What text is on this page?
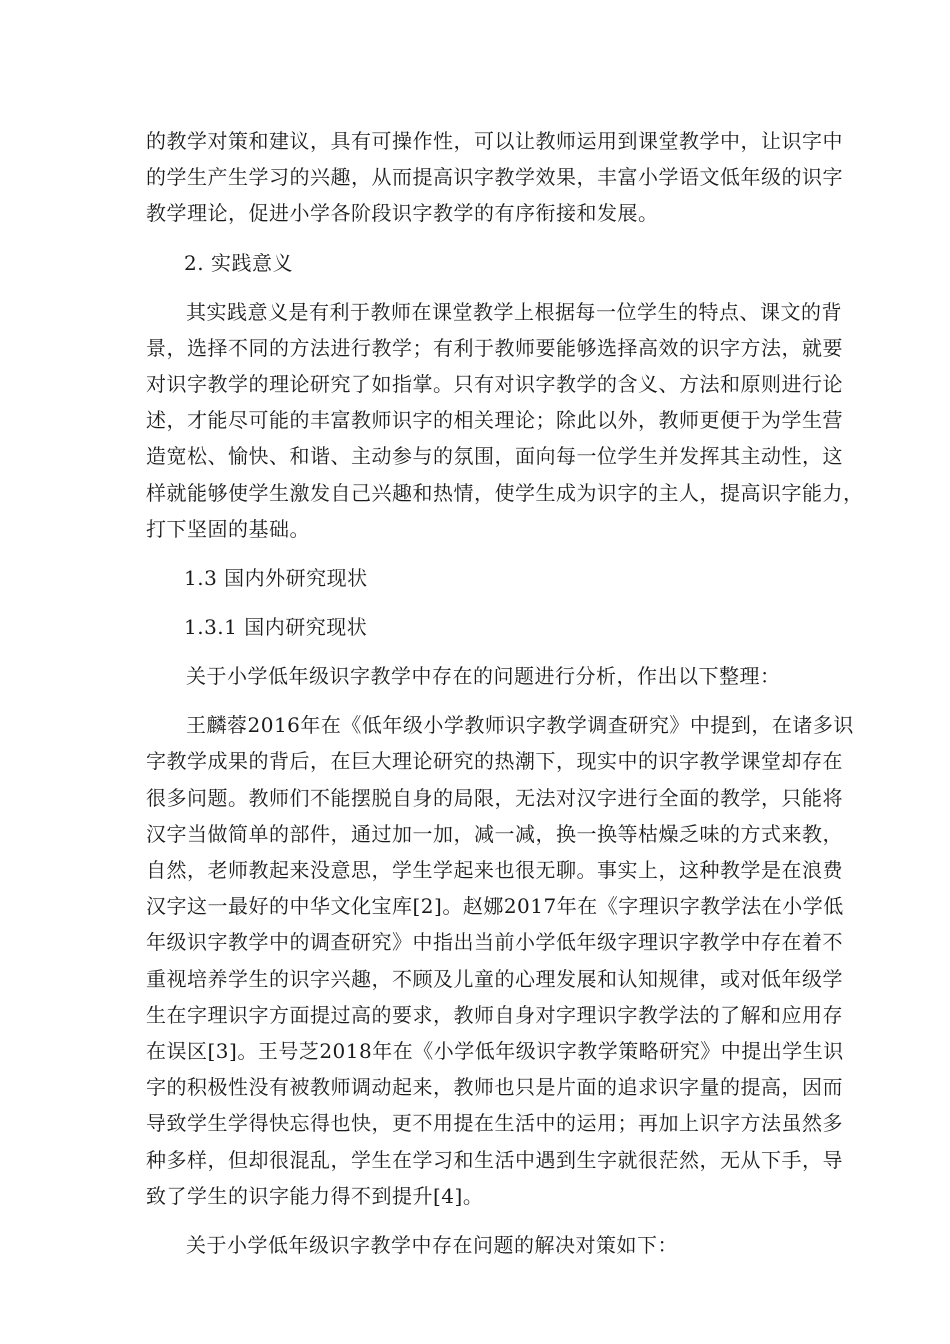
的教学对策和建议，具有可操作性，可以让教师运用到课堂教学中，让识字中
的学生产生学习的兴趣，从而提高识字教学效果，丰富小学语文低年级的识字
教学理论，促进小学各阶段识字教学的有序衔接和发展。
2. 实践意义
其实践意义是有利于教师在课堂教学上根据每一位学生的特点、课文的背
景，选择不同的方法进行教学；有利于教师要能够选择高效的识字方法，就要
对识字教学的理论研究了如指掌。只有对识字教学的含义、方法和原则进行论
述，才能尽可能的丰富教师识字的相关理论；除此以外，教师更便于为学生营
造宽松、愉快、和谐、主动参与的氛围，面向每一位学生并发挥其主动性，这
样就能够使学生激发自己兴趣和热情，使学生成为识字的主人，提高识字能力，
打下坚固的基础。
1.3 国内外研究现状
1.3.1 国内研究现状
关于小学低年级识字教学中存在的问题进行分析，作出以下整理：
王麟蓉2016年在《低年级小学教师识字教学调查研究》中提到，在诸多识
字教学成果的背后，在巨大理论研究的热潮下，现实中的识字教学课堂却存在
很多问题。教师们不能摆脱自身的局限，无法对汉字进行全面的教学，只能将
汉字当做简单的部件，通过加一加，减一减，换一换等枯燥乏味的方式来教，
自然，老师教起来没意思，学生学起来也很无聊。事实上，这种教学是在浪费
汉字这一最好的中华文化宝库[2]。赵娜2017年在《字理识字教学法在小学低
年级识字教学中的调查研究》中指出当前小学低年级字理识字教学中存在着不
重视培养学生的识字兴趣，不顾及儿童的心理发展和认知规律，或对低年级学
生在字理识字方面提过高的要求，教师自身对字理识字教学法的了解和应用存
在误区[3]。王号芝2018年在《小学低年级识字教学策略研究》中提出学生识
字的积极性没有被教师调动起来，教师也只是片面的追求识字量的提高，因而
导致学生学得快忘得也快，更不用提在生活中的运用；再加上识字方法虽然多
种多样，但却很混乱，学生在学习和生活中遇到生字就很茫然，无从下手，导
致了学生的识字能力得不到提升[4]。
关于小学低年级识字教学中存在问题的解决对策如下：
